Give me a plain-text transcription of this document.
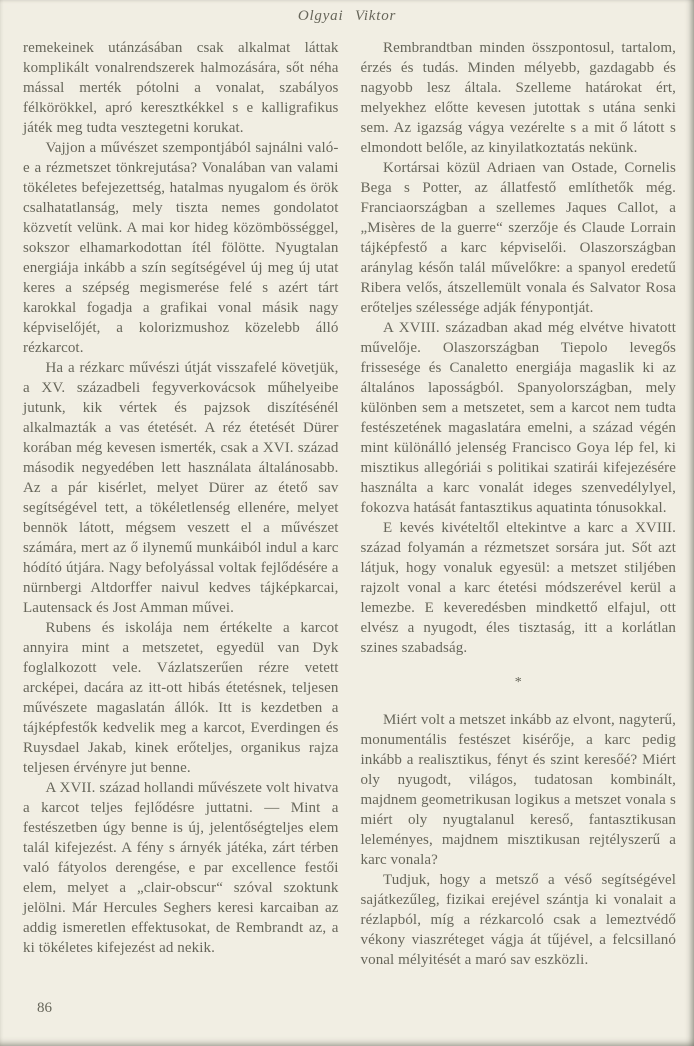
Olgyai Viktor

remekeinek utánzásában csak alkalmat láttak komplikált vonalrendszerek halmozására, sőt néha mással merték pótolni a vonalat, szabályos félkörökkel, apró keresztkékkel s e kalligrafikus játék meg tudta vesztegetni korukat.

Vajjon a művészet szempontjából sajnálni való-e a rézmetszet tönkrejutása? Vonalában van valami tökéletes befejezettség, hatalmas nyugalom és örök csalhatatlanság, mely tiszta nemes gondolatot közvetít velünk. A mai kor hideg közömbösséggel, sokszor elhamarkodottan ítél fölötte. Nyugtalan energiája inkább a szín segítségével új meg új utat keres a szépség megismerése felé s azért tárt karokkal fogadja a grafikai vonal másik nagy képviselőjét, a kolorizmushoz közelebb álló rézkarcot.

Ha a rézkarc művészi útját visszafelé követjük, a XV. századbeli fegyverkovácsok műhelyeibe jutunk, kik vértek és pajzsok diszítésénél alkalmazták a vas étetését. A réz étetését Dürer korában még kevesen ismerték, csak a XVI. század második negyedében lett használata általánosabb. Az a pár kisérlet, melyet Dürer az étető sav segítségével tett, a tökéletlenség ellenére, melyet bennök látott, mégsem veszett el a művészet számára, mert az ő ilynemű munkáiból indul a karc hódító útjára. Nagy befolyással voltak fejlődésére a nürnbergi Altdorffer naivul kedves tájképkarcai, Lautensack és Jost Amman művei.

Rubens és iskolája nem értékelte a karcot annyira mint a metszetet, egyedül van Dyk foglalkozott vele. Vázlatszerűen rézre vetett arcképei, dacára az itt-ott hibás étetésnek, teljesen művészete magaslatán állók. Itt is kezdetben a tájképfestők kedvelik meg a karcot, Everdingen és Ruysdael Jakab, kinek erőteljes, organikus rajza teljesen érvényre jut benne.

A XVII. század hollandi művészete volt hivatva a karcot teljes fejlődésre juttatni. — Mint a festészetben úgy benne is új, jelentőségteljes elem talál kifejezést. A fény s árnyék játéka, zárt térben való fátyolos derengése, e par excellence festői elem, melyet a „clair-obscur“ szóval szoktunk jelölni. Már Hercules Seghers keresi karcaiban az addig ismeretlen effektusokat, de Rembrandt az, a ki tökéletes kifejezést ad nekik.

Rembrandtban minden összpontosul, tartalom, érzés és tudás. Minden mélyebb, gazdagabb és nagyobb lesz általa. Szelleme határokat ért, melyekhez előtte kevesen jutottak s utána senki sem. Az igazság vágya vezérelte s a mit ő látott s elmondott belőle, az kinyilatkoztatás nekünk.

Kortársai közül Adriaen van Ostade, Cornelis Bega s Potter, az állatfestő említhetők még. Franciaországban a szellemes Jaques Callot, a „Misères de la guerre“ szerzője és Claude Lorrain tájképfestő a karc képviselői. Olaszországban aránylag későn talál művelőkre: a spanyol eredetű Ribera velős, átszellemült vonala és Salvator Rosa erőteljes szélessége adják fénypontját.

A XVIII. században akad még elvétve hivatott művelője. Olaszországban Tiepolo levegős frissesége és Canaletto energiája magaslik ki az általános laposságból. Spanyolországban, mely különben sem a metszetet, sem a karcot nem tudta festészetének magaslatára emelni, a század végén mint különálló jelenség Francisco Goya lép fel, ki misztikus allegóriái s politikai szatirái kifejezésére használta a karc vonalát ideges szenvedélylyel, fokozva hatását fantasztikus aquatinta tónusokkal.

E kevés kivételtől eltekintve a karc a XVIII. század folyamán a rézmetszet sorsára jut. Sőt azt látjuk, hogy vonaluk egyesül: a metszet stiljében rajzolt vonal a karc étetési módszerével kerül a lemezbe. E keveredésben mindkettő elfajul, ott elvész a nyugodt, éles tisztaság, itt a korlátlan szines szabadság.

*

Miért volt a metszet inkább az elvont, nagyterű, monumentális festészet kisérője, a karc pedig inkább a realisztikus, fényt és szint keresőé? Miért oly nyugodt, világos, tudatosan kombinált, majdnem geometrikusan logikus a metszet vonala s miért oly nyugtalanul kereső, fantasztikusan leleményes, majdnem misztikusan rejtélyszerű a karc vonala?

Tudjuk, hogy a metsző a véső segítségével sajátkezűleg, fizikai erejével szántja ki vonalait a rézlapból, míg a rézkarcoló csak a lemeztvédő vékony viaszréteget vágja át tűjével, a felcsillanó vonal mélyitését a maró sav eszközli.

86
